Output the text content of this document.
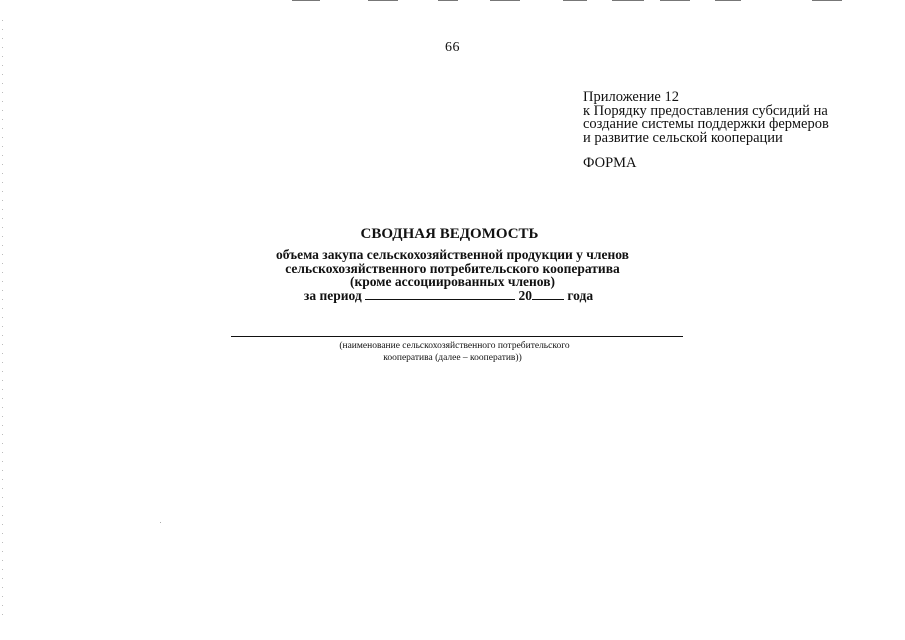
66
Приложение 12
к Порядку предоставления субсидий на
создание системы поддержки фермеров
и развитие сельской кооперации
ФОРМА
СВОДНАЯ ВЕДОМОСТЬ
объема закупа сельскохозяйственной продукции у членов
сельскохозяйственного потребительского кооператива
(кроме ассоциированных членов)
за период	20	года
(наименование сельскохозяйственного потребительского
кооператива (далее – кооператив))
